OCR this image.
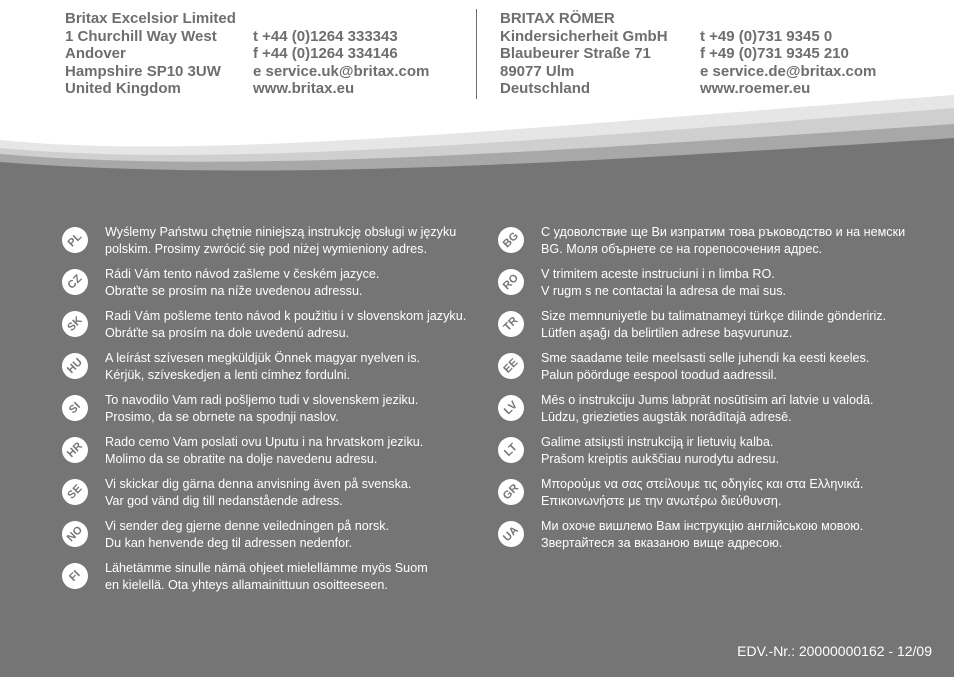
Britax Excelsior Limited
1 Churchill Way West
Andover
Hampshire SP10 3UW
United Kingdom
t +44 (0)1264 333343
f +44 (0)1264 334146
e service.uk@britax.com
www.britax.eu
BRITAX RÖMER
Kindersicherheit GmbH
Blaubeurer Straße 71
89077 Ulm
Deutschland
t +49 (0)731 9345 0
f +49 (0)731 9345 210
e service.de@britax.com
www.roemer.eu
PL Wyślemy Państwu chętnie niniejszą instrukcję obsługi w języku
polskim. Prosimy zwrócić się pod niżej wymieniony adres.
CZ Rádi Vám tento návod zašleme v českém jazyce.
Obraťte se prosím na níže uvedenou adressu.
SK Radi Vám pošleme tento návod k použitiu i v slovenskom jazyku.
Obráťte sa prosím na dole uvedenú adresu.
HU A leírást szívesen megküldjük Önnek magyar nyelven is.
Kérjük, szíveskedjen a lenti címhez fordulni.
SI To navodilo Vam radi pošljemo tudi v slovenskem jeziku.
Prosimo, da se obrnete na spodnji naslov.
HR Rado cemo Vam poslati ovu Uputu i na hrvatskom jeziku.
Molimo da se obratite na dolje navedenu adresu.
SE Vi skickar dig gärna denna anvisning även på svenska.
Var god vänd dig till nedanstående adress.
NO Vi sender deg gjerne denne veiledningen på norsk.
Du kan henvende deg til adressen nedenfor.
FI
Lähetämme sinulle nämä ohjeet mielellämme myös Suom
en kielellä. Ota yhteys allamainittuun osoitteeseen.
BG С удоволствие ще Ви изпратим това ръководство и на немски
BG. Моля обърнете се на горепосочения адрес.
RO V trimitem aceste instruciuni i n limba RO.
V rugm s ne contactai la adresa de mai sus.
TR Size memnuniyetle bu talimatnameyi türkçe dilinde göndeririz.
Lütfen aşağı da belirtilen adrese başvurunuz.
EE Sme saadame teile meelsasti selle juhendi ka eesti keeles.
Palun pöörduge eespool toodud aadressil.
LV Mēs o instrukciju Jums labprāt nosūtīsim arī latvie u valodā.
Lūdzu, griezieties augstāk norādītajā adresē.
LT Galime atsiųsti instrukciją ir lietuvių kalba.
Prašom kreiptis aukščiau nurodytu adresu.
GR Μπορούμε να σας στείλουμε τις οδηγίες και στα Ελληνικά.
Επικοινωνήστε με την ανωτέρω διεύθυνση.
UA Ми охоче вишлемо Вам інструкцію англійською мовою.
Звертайтеся за вказаною вище адресою.
EDV.-Nr.: 20000000162 - 12/09
